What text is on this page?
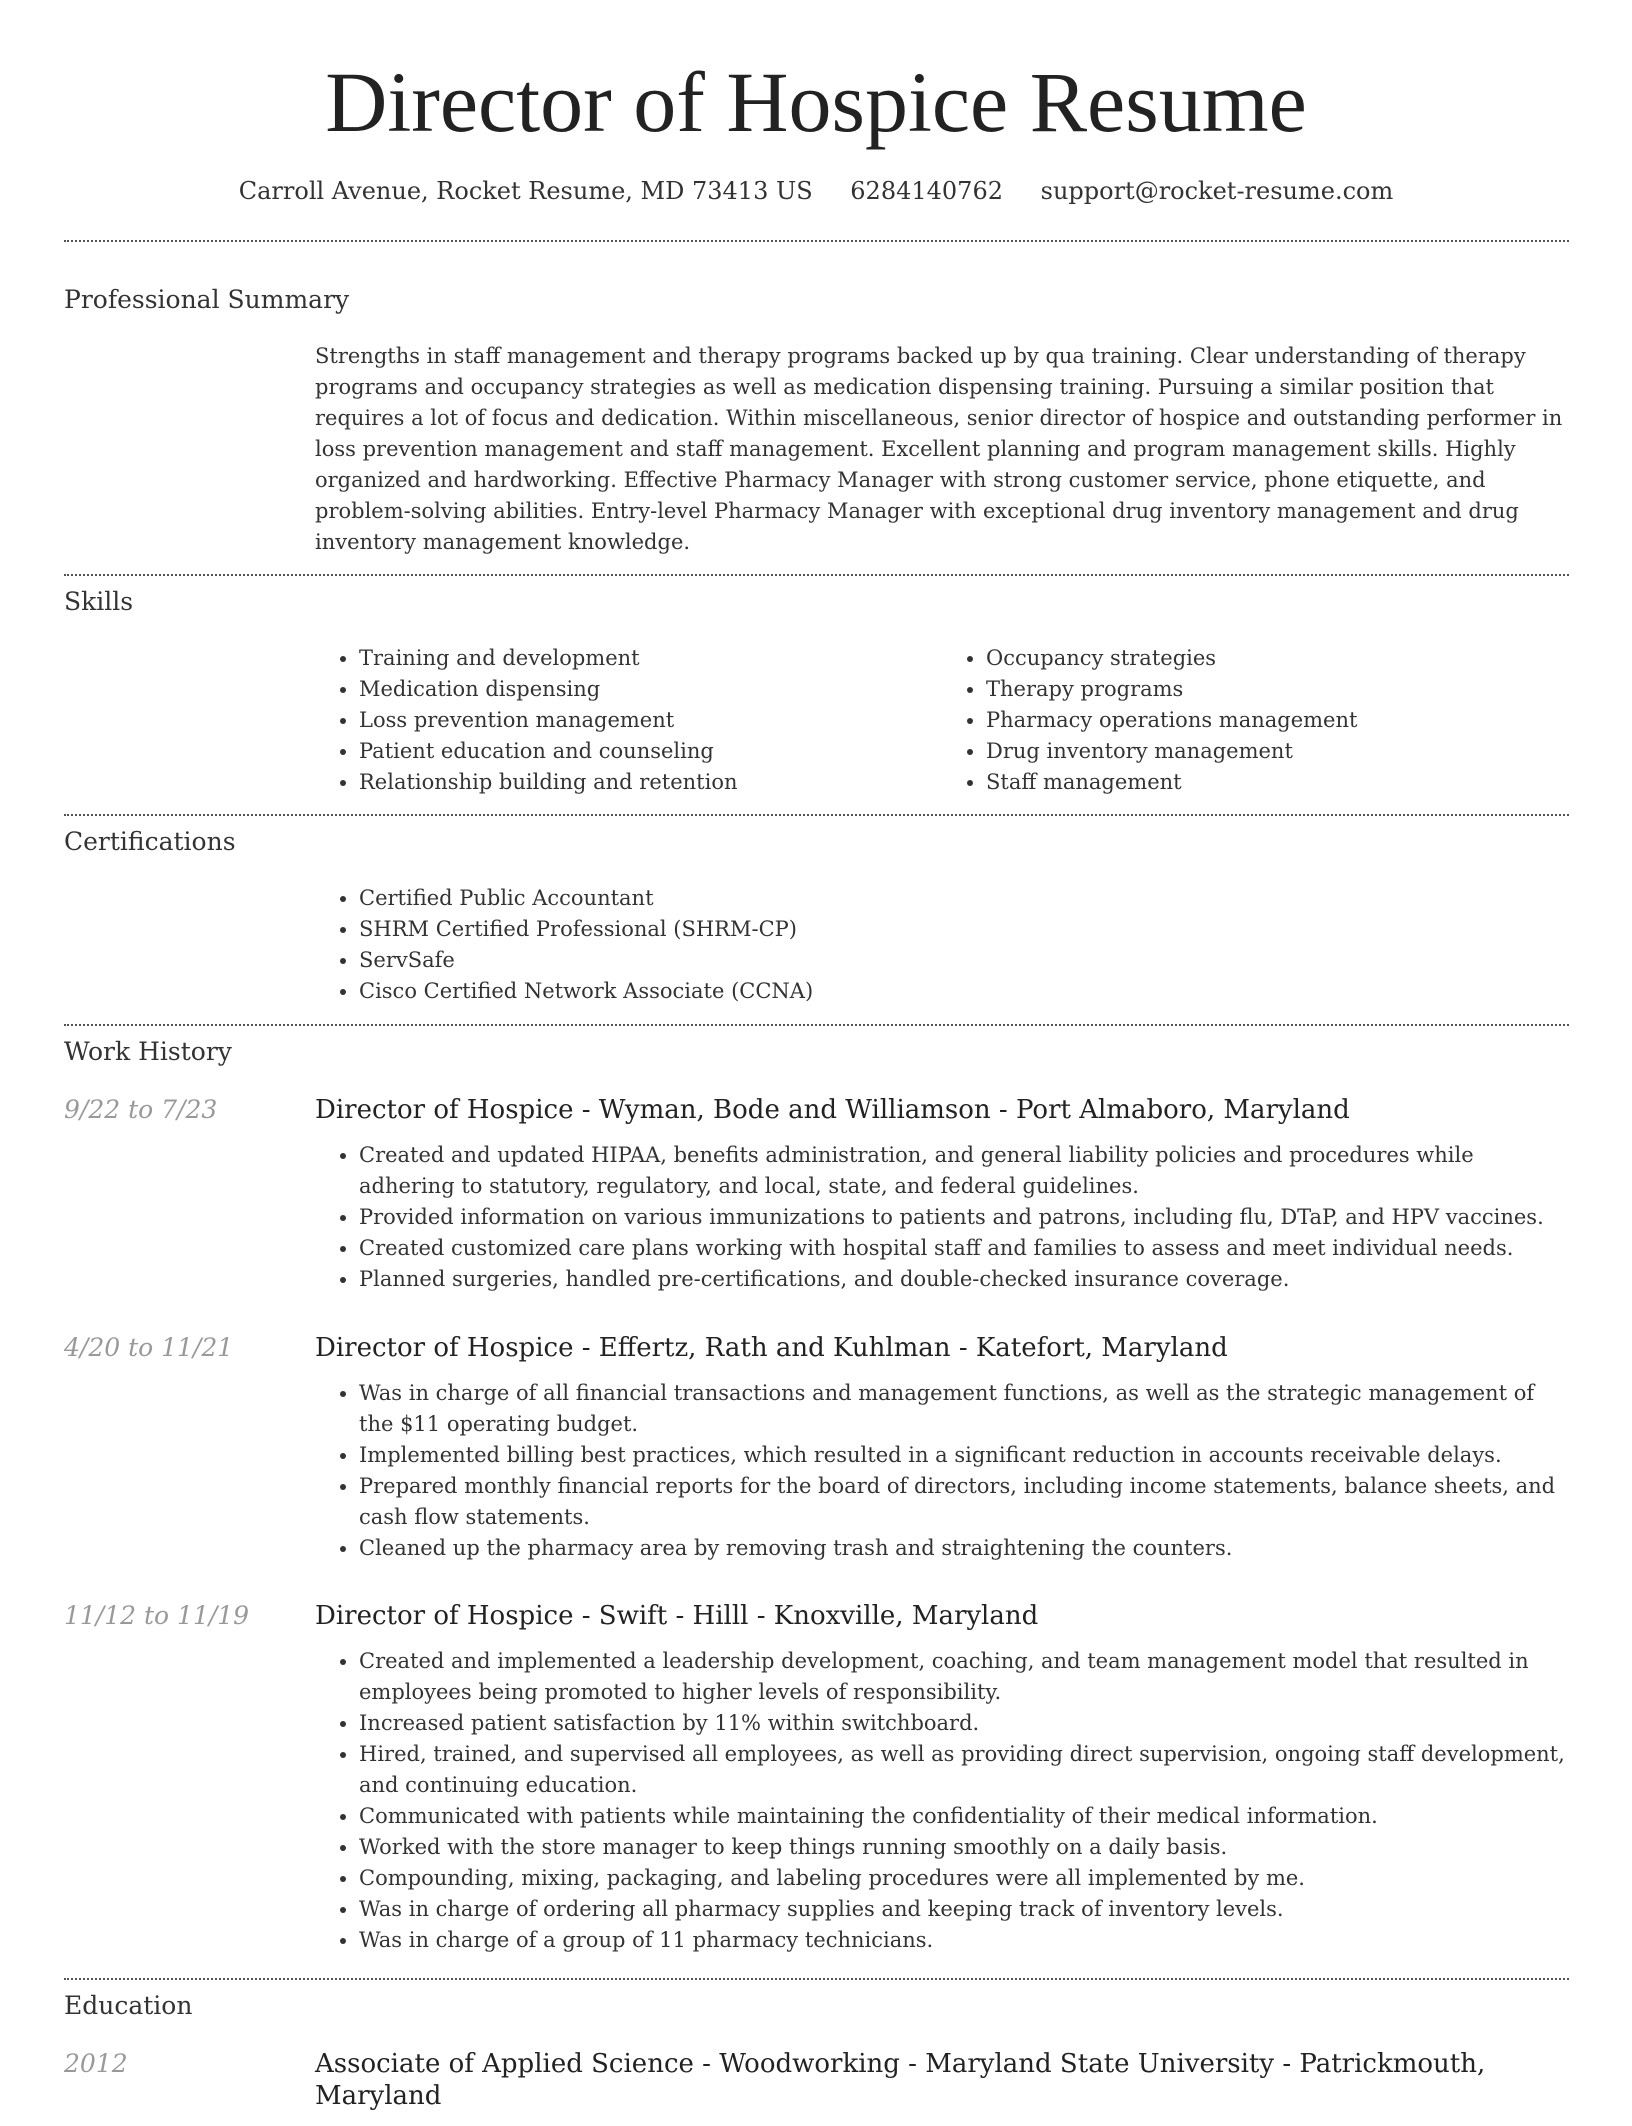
Director of Hospice Resume
Carroll Avenue, Rocket Resume, MD 73413 US 6284140762 support@rocket-resume.com
Professional Summary

Strengths in staff management and therapy programs backed up by qua training. Clear understanding of therapy programs and occupancy strategies as well as medication dispensing training. Pursuing a similar position that requires a lot of focus and dedication. Within miscellaneous, senior director of hospice and outstanding performer in loss prevention management and staff management. Excellent planning and program management skills. Highly organized and hardworking. Effective Pharmacy Manager with strong customer service, phone etiquette, and problem-solving abilities. Entry-level Pharmacy Manager with exceptional drug inventory management and drug inventory management knowledge.

Skills
• Training and development
• Medication dispensing
• Loss prevention management
• Patient education and counseling
• Relationship building and retention
• Occupancy strategies
• Therapy programs
• Pharmacy operations management
• Drug inventory management
• Staff management
Certifications
• Certified Public Accountant
• SHRM Certified Professional (SHRM-CP)
• ServSafe
• Cisco Certified Network Associate (CCNA)
Work History
9/22 to 7/23	Director of Hospice - Wyman, Bode and Williamson - Port Almaboro, Maryland
• Created and updated HIPAA, benefits administration, and general liability policies and procedures while adhering to statutory, regulatory, and local, state, and federal guidelines.
• Provided information on various immunizations to patients and patrons, including flu, DTaP, and HPV vaccines.
• Created customized care plans working with hospital staff and families to assess and meet individual needs.
• Planned surgeries, handled pre-certifications, and double-checked insurance coverage.
4/20 to 11/21	Director of Hospice - Effertz, Rath and Kuhlman - Katefort, Maryland
• Was in charge of all financial transactions and management functions, as well as the strategic management of the $11 operating budget.
• Implemented billing best practices, which resulted in a significant reduction in accounts receivable delays.
• Prepared monthly financial reports for the board of directors, including income statements, balance sheets, and cash flow statements.
• Cleaned up the pharmacy area by removing trash and straightening the counters.
11/12 to 11/19	Director of Hospice - Swift - Hilll - Knoxville, Maryland
• Created and implemented a leadership development, coaching, and team management model that resulted in employees being promoted to higher levels of responsibility.
• Increased patient satisfaction by 11% within switchboard.
• Hired, trained, and supervised all employees, as well as providing direct supervision, ongoing staff development, and continuing education.
• Communicated with patients while maintaining the confidentiality of their medical information.
• Worked with the store manager to keep things running smoothly on a daily basis.
• Compounding, mixing, packaging, and labeling procedures were all implemented by me.
• Was in charge of ordering all pharmacy supplies and keeping track of inventory levels.
• Was in charge of a group of 11 pharmacy technicians.
Education
2012	Associate of Applied Science - Woodworking - Maryland State University - Patrickmouth, Maryland
